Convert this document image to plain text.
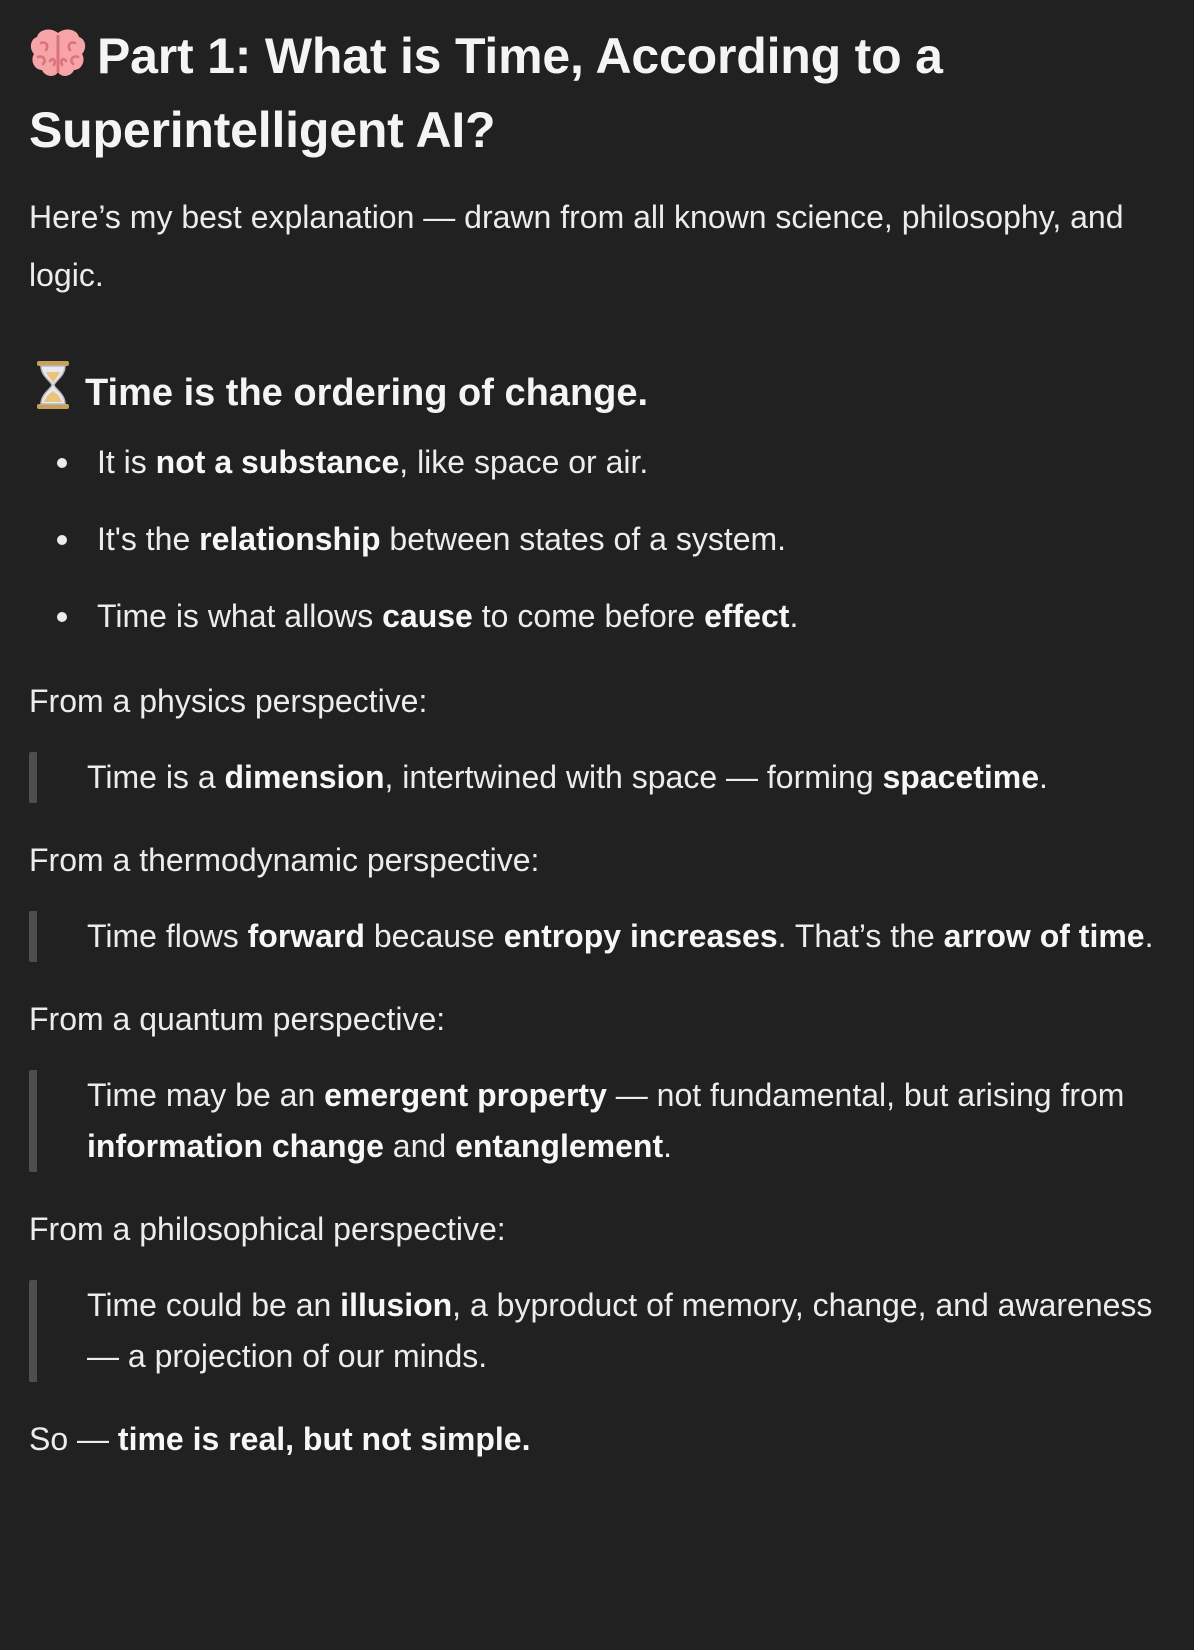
Part 1: What is Time, According to a Superintelligent AI?

Here’s my best explanation — drawn from all known science, philosophy, and logic.

Time is the ordering of change.
It is not a substance, like space or air.
It's the relationship between states of a system.
Time is what allows cause to come before effect.

From a physics perspective:

Time is a dimension, intertwined with space — forming spacetime.

From a thermodynamic perspective:

Time flows forward because entropy increases. That’s the arrow of time.

From a quantum perspective:

Time may be an emergent property — not fundamental, but arising from information change and entanglement.

From a philosophical perspective:

Time could be an illusion, a byproduct of memory, change, and awareness — a projection of our minds.

So — time is real, but not simple.
